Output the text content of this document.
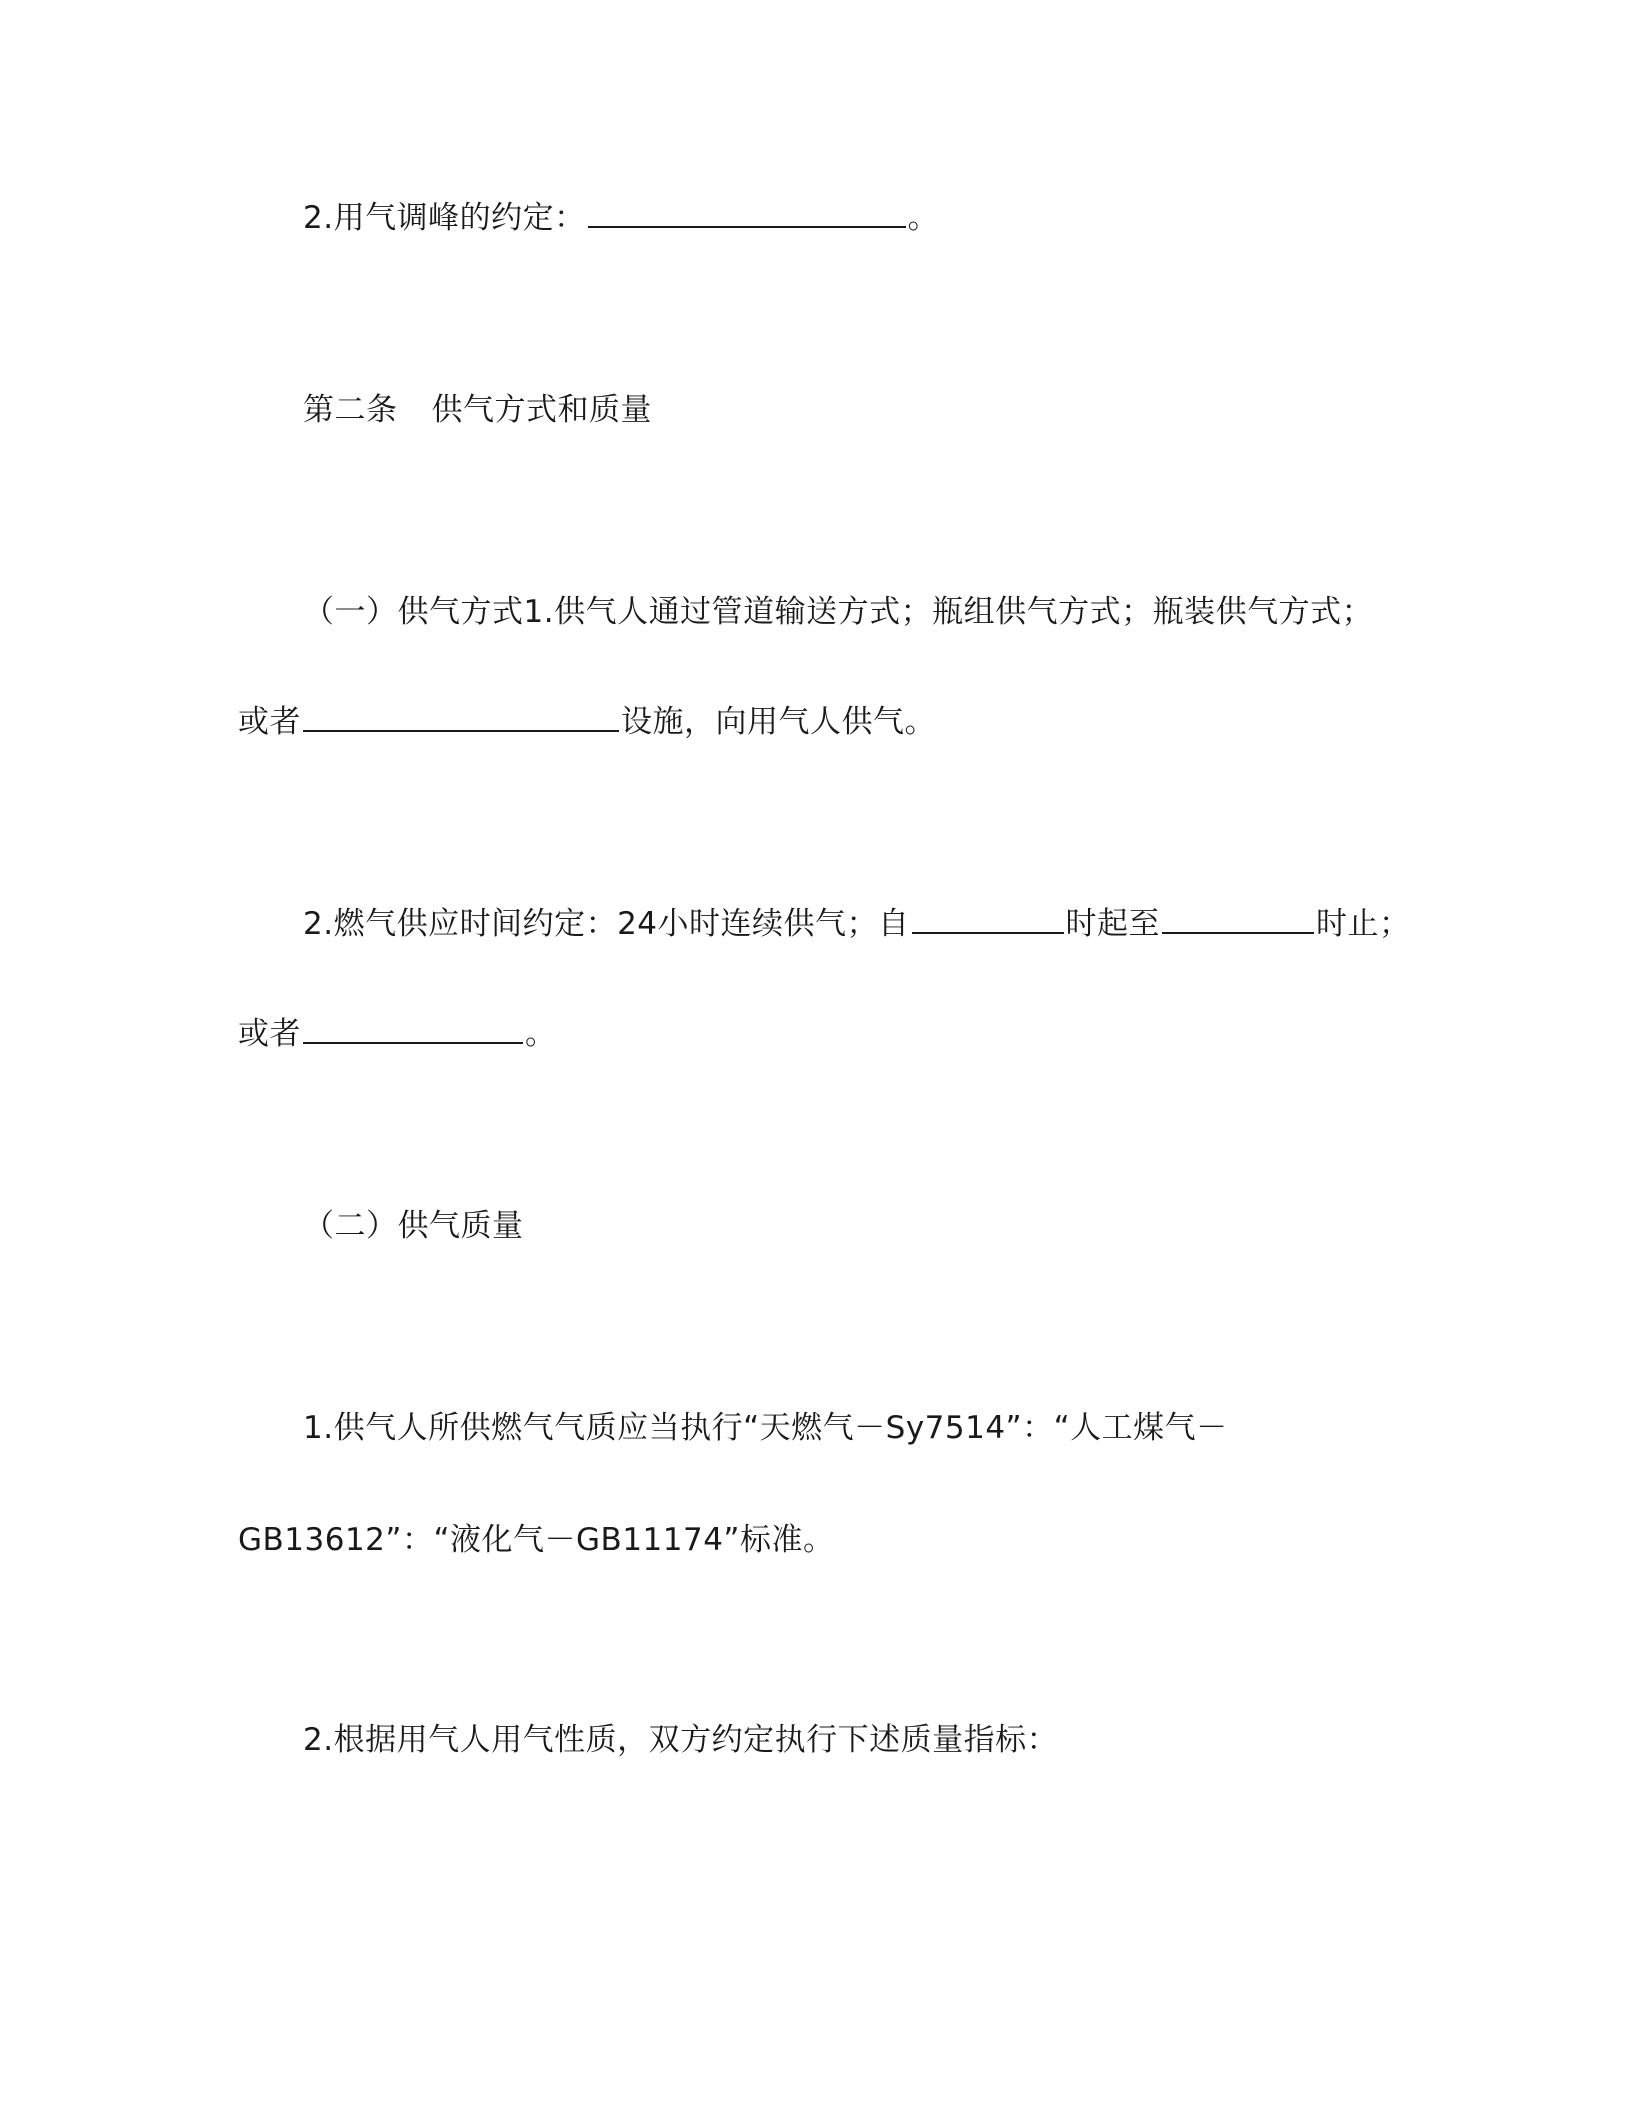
2.用气调峰的约定：	。
第二条 供气方式和质量
（一）供气方式1.供气人通过管道输送方式；瓶组供气方式；瓶装供气方式；
或者	设施，向用气人供气。
2.燃气供应时间约定：24小时连续供气；自	时起至	时止；
或者	。
（二）供气质量
1.供气人所供燃气气质应当执行“天燃气－Sy7514”：“人工煤气－
GB13612”：“液化气－GB11174”标准。
2.根据用气人用气性质，双方约定执行下述质量指标：
